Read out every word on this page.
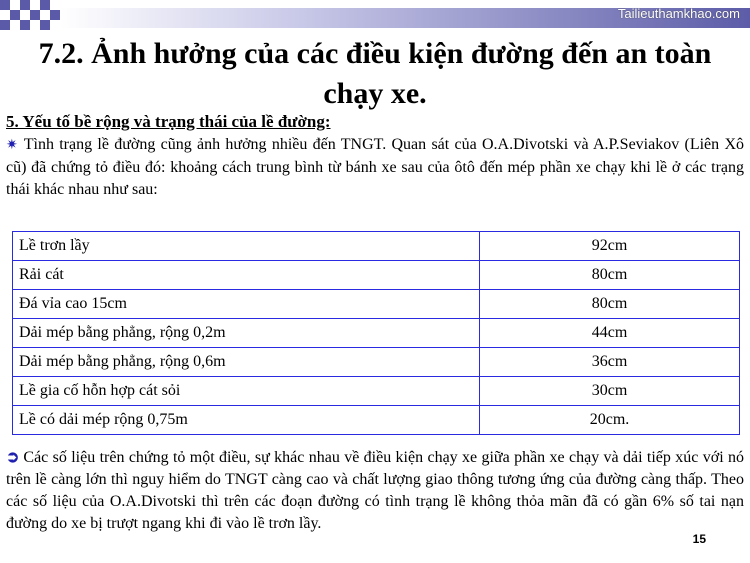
Tailieuthamkhao.com
7.2. Ảnh hưởng của các điều kiện đường đến an toàn chạy xe.
5. Yếu tố bề rộng và trạng thái của lề đường:
✷ Tình trạng lề đường cũng ảnh hưởng nhiều đến TNGT. Quan sát của O.A.Divotski và A.P.Seviakov (Liên Xô cũ) đã chứng tỏ điều đó: khoảng cách trung bình từ bánh xe sau của ôtô đến mép phần xe chạy khi lề ở các trạng thái khác nhau như sau:
Lề trơn lầy	92cm
Rải cát	80cm
Đá vỉa cao 15cm	80cm
Dải mép bằng phẳng, rộng 0,2m	44cm
Dải mép bằng phẳng, rộng 0,6m	36cm
Lề gia cố hỗn hợp cát sỏi	30cm
Lề có dải mép rộng 0,75m	20cm.
➲ Các số liệu trên chứng tỏ một điều, sự khác nhau về điều kiện chạy xe giữa phần xe chạy và dải tiếp xúc với nó trên lề càng lớn thì nguy hiểm do TNGT càng cao và chất lượng giao thông tương ứng của đường càng thấp. Theo các số liệu của O.A.Divotski thì trên các đoạn đường có tình trạng lề không thỏa mãn đã có gần 6% số tai nạn đường do xe bị trượt ngang khi đi vào lề trơn lầy.
15
